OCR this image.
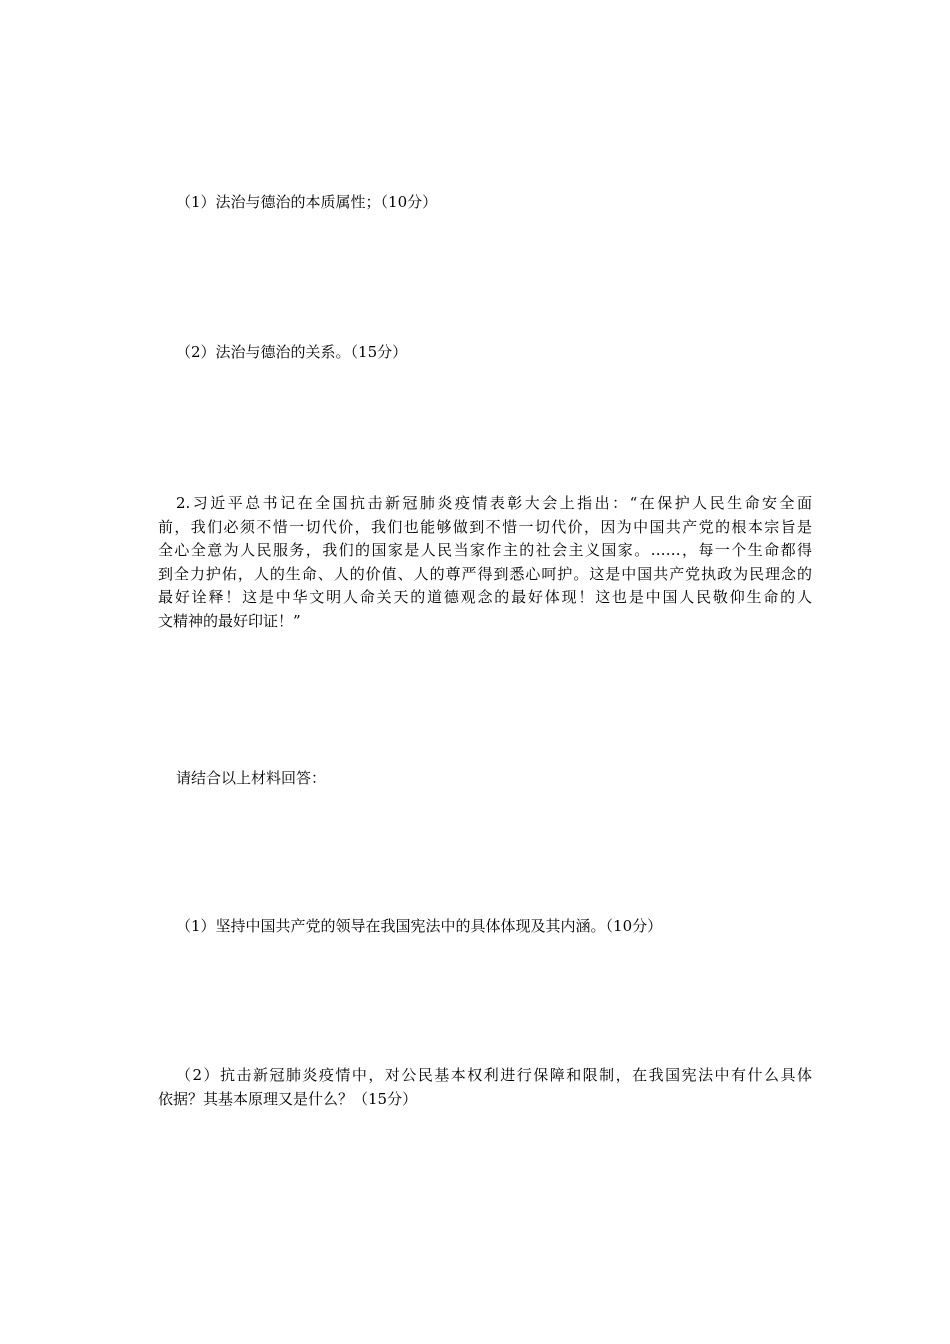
（1）法治与德治的本质属性；（10分）

（2）法治与德治的关系。（15分）

2.习近平总书记在全国抗击新冠肺炎疫情表彰大会上指出：“在保护人民生命安全面
前，我们必须不惜一切代价，我们也能够做到不惜一切代价，因为中国共产党的根本宗旨是
全心全意为人民服务，我们的国家是人民当家作主的社会主义国家。……，每一个生命都得
到全力护佑，人的生命、人的价值、人的尊严得到悉心呵护。这是中国共产党执政为民理念的
最好诠释！这是中华文明人命关天的道德观念的最好体现！这也是中国人民敬仰生命的人
文精神的最好印证！”

请结合以上材料回答：

（1）坚持中国共产党的领导在我国宪法中的具体体现及其内涵。（10分）

（2）抗击新冠肺炎疫情中，对公民基本权利进行保障和限制，在我国宪法中有什么具体
依据？其基本原理又是什么？（15分）
